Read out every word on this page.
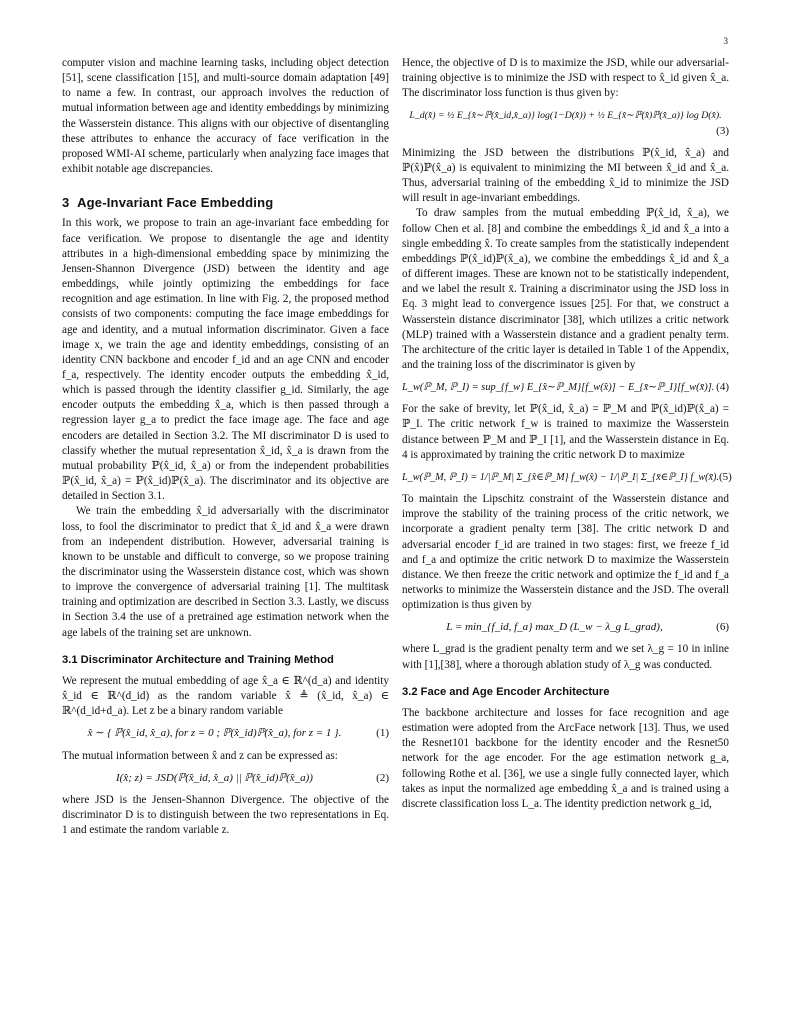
3

computer vision and machine learning tasks, including object detection [51], scene classification [15], and multi-source domain adaptation [49] to name a few. In contrast, our approach involves the reduction of mutual information between age and identity embeddings by minimizing the Wasserstein distance. This aligns with our objective of disentangling these attributes to enhance the accuracy of face verification in the proposed WMI-AI scheme, particularly when analyzing face images that exhibit notable age discrepancies.

3 Age-Invariant Face Embedding

In this work, we propose to train an age-invariant face embedding for face verification. We propose to disentangle the age and identity attributes in a high-dimensional embedding space by minimizing the Jensen-Shannon Divergence (JSD) between the identity and age embeddings, while jointly optimizing the embeddings for face recognition and age estimation. In line with Fig. 2, the proposed method consists of two components: computing the face image embeddings for age and identity, and a mutual information discriminator. Given a face image x, we train the age and identity embeddings, consisting of an identity CNN backbone and encoder f_id and an age CNN and encoder f_a, respectively. The identity encoder outputs the embedding x̂_id, which is passed through the identity classifier g_id. Similarly, the age encoder outputs the embedding x̂_a, which is then passed through a regression layer g_a to predict the face image age. The face and age encoders are detailed in Section 3.2. The MI discriminator D is used to classify whether the mutual representation x̂_id, x̂_a is drawn from the mutual probability ℙ(x̂_id, x̂_a) or from the independent probabilities ℙ(x̂_id, x̂_a) = ℙ(x̂_id)ℙ(x̂_a). The discriminator and its objective are detailed in Section 3.1.

We train the embedding x̂_id adversarially with the discriminator loss, to fool the discriminator to predict that x̂_id and x̂_a were drawn from an independent distribution. However, adversarial training is known to be unstable and difficult to converge, so we propose training the discriminator using the Wasserstein distance cost, which was shown to improve the convergence of adversarial training [1]. The multitask training and optimization are described in Section 3.3. Lastly, we discuss in Section 3.4 the use of a pretrained age estimation network when the age labels of the training set are unknown.

3.1 Discriminator Architecture and Training Method

We represent the mutual embedding of age x̂_a ∈ ℝ^(d_a) and identity x̂_id ∈ ℝ^(d_id) as the random variable x̂ ≜ (x̂_id, x̂_a) ∈ ℝ^(d_id+d_a). Let z be a binary random variable

x̂ ∼ { ℙ(x̂_id, x̂_a), for z = 0 ; ℙ(x̂_id)ℙ(x̂_a), for z = 1 }.	(1)

The mutual information between x̂ and z can be expressed as:

I(x̂; z) = JSD(ℙ(x̂_id, x̂_a) || ℙ(x̂_id)ℙ(x̂_a))	(2)

where JSD is the Jensen-Shannon Divergence. The objective of the discriminator D is to distinguish between the two representations in Eq. 1 and estimate the random variable z.

Hence, the objective of D is to maximize the JSD, while our adversarial-training objective is to minimize the JSD with respect to x̂_id given x̂_a. The discriminator loss function is thus given by:

L_d(x̂) = ½ E_{x̂∼ℙ(x̂_id,x̂_a)} log(1−D(x̂)) + ½ E_{x̂∼ℙ(x̂)ℙ(x̂_a)} log D(x̂).
(3)

Minimizing the JSD between the distributions ℙ(x̂_id, x̂_a) and ℙ(x̂)ℙ(x̂_a) is equivalent to minimizing the MI between x̂_id and x̂_a. Thus, adversarial training of the embedding x̂_id to minimize the JSD will result in age-invariant embeddings.

To draw samples from the mutual embedding ℙ(x̂_id, x̂_a), we follow Chen et al. [8] and combine the embeddings x̂_id and x̂_a into a single embedding x̂. To create samples from the statistically independent embeddings ℙ(x̂_id)ℙ(x̂_a), we combine the embeddings x̂_id and x̂_a of different images. These are known not to be statistically independent, and we label the result x̄. Training a discriminator using the JSD loss in Eq. 3 might lead to convergence issues [25]. For that, we construct a Wasserstein distance discriminator [38], which utilizes a critic network (MLP) trained with a Wasserstein distance and a gradient penalty term. The architecture of the critic layer is detailed in Table 1 of the Appendix, and the training loss of the discriminator is given by

L_w(ℙ_M, ℙ_I) = sup_{f_w} E_{x̂∼ℙ_M}[f_w(x̂)] − E_{x̄∼ℙ_I}[f_w(x̄)]. (4)

For the sake of brevity, let ℙ(x̂_id, x̂_a) = ℙ_M and ℙ(x̂_id)ℙ(x̂_a) = ℙ_I. The critic network f_w is trained to maximize the Wasserstein distance between ℙ_M and ℙ_I [1], and the Wasserstein distance in Eq. 4 is approximated by training the critic network D to maximize

L_w(ℙ_M, ℙ_I) = 1/|ℙ_M| Σ_{x̂∈ℙ_M} f_w(x̂) − 1/|ℙ_I| Σ_{x̄∈ℙ_I} f_w(x̄). (5)

To maintain the Lipschitz constraint of the Wasserstein distance and improve the stability of the training process of the critic network, we incorporate a gradient penalty term [38]. The critic network D and adversarial encoder f_id are trained in two stages: first, we freeze f_id and f_a and optimize the critic network D to maximize the Wasserstein distance. We then freeze the critic network and optimize the f_id and f_a networks to minimize the Wasserstein distance and the JSD. The overall optimization is thus given by

L = min_{f_id, f_a} max_D (L_w − λ_g L_grad),	(6)

where L_grad is the gradient penalty term and we set λ_g = 10 in inline with [1],[38], where a thorough ablation study of λ_g was conducted.

3.2 Face and Age Encoder Architecture

The backbone architecture and losses for face recognition and age estimation were adopted from the ArcFace network [13]. Thus, we used the Resnet101 backbone for the identity encoder and the Resnet50 network for the age encoder. For the age estimation network g_a, following Rothe et al. [36], we use a single fully connected layer, which takes as input the normalized age embedding x̂_a and is trained using a discrete classification loss L_a. The identity prediction network g_id,
